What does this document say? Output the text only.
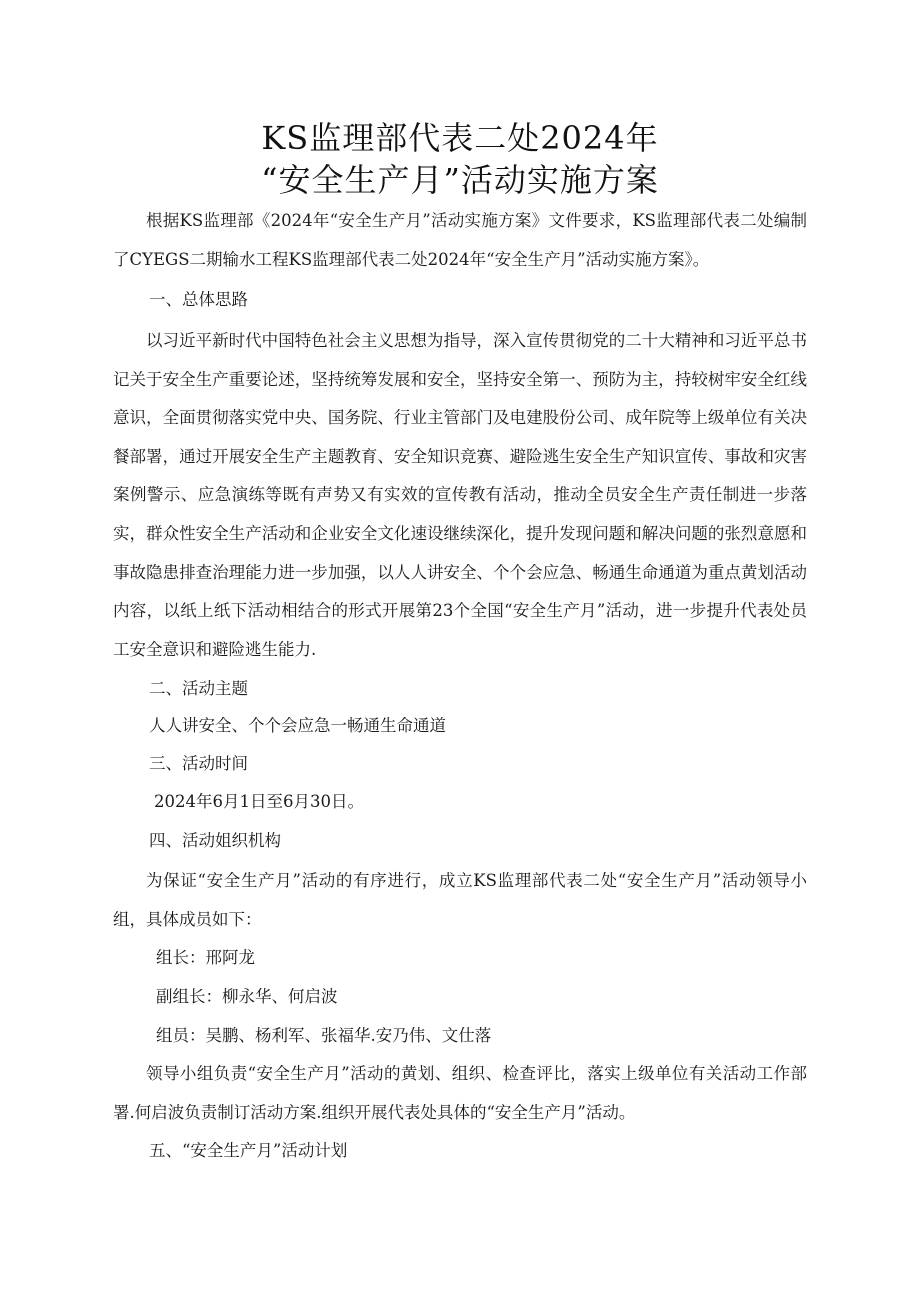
KS监理部代表二处2024年
“安全生产月”活动实施方案

根据KS监理部《2024年“安全生产月”活动实施方案》文件要求，KS监理部代表二处编制了CYEGS二期输水工程KS监理部代表二处2024年“安全生产月”活动实施方案》。

一、总体思路

以习近平新时代中国特色社会主义思想为指导，深入宣传贯彻党的二十大精神和习近平总书记关于安全生产重要论述，坚持统筹发展和安全，坚持安全第一、预防为主，持较树牢安全红线意识，全面贯彻落实党中央、国务院、行业主管部门及电建股份公司、成年院等上级单位有关决餐部署，通过开展安全生产主题教育、安全知识竞赛、避险逃生安全生产知识宣传、事故和灾害案例警示、应急演练等既有声势又有实效的宣传教有活动，推动全员安全生产责任制进一步落实，群众性安全生产活动和企业安全文化速设继续深化，提升发现问题和解决问题的张烈意愿和事故隐患排查治理能力进一步加强，以人人讲安全、个个会应急、畅通生命通道为重点黄划活动内容，以纸上纸下活动相结合的形式开展第23个全国“安全生产月”活动，进一步提升代表处员工安全意识和避险逃生能力.

二、活动主题

人人讲安全、个个会应急一畅通生命通道

三、活动时间

2024年6月1日至6月30日。

四、活动姐织机构

为保证“安全生产月”活动的有序进行，成立KS监理部代表二处“安全生产月”活动领导小组，具体成员如下：

组长：邢阿龙

副组长：柳永华、何启波

组员：吴鹏、杨利军、张福华.安乃伟、文仕落

领导小组负责“安全生产月”活动的黄划、组织、检查评比，落实上级单位有关活动工作部署.何启波负责制订活动方案.组织开展代表处具体的“安全生产月”活动。

五、“安全生产月”活动计划
